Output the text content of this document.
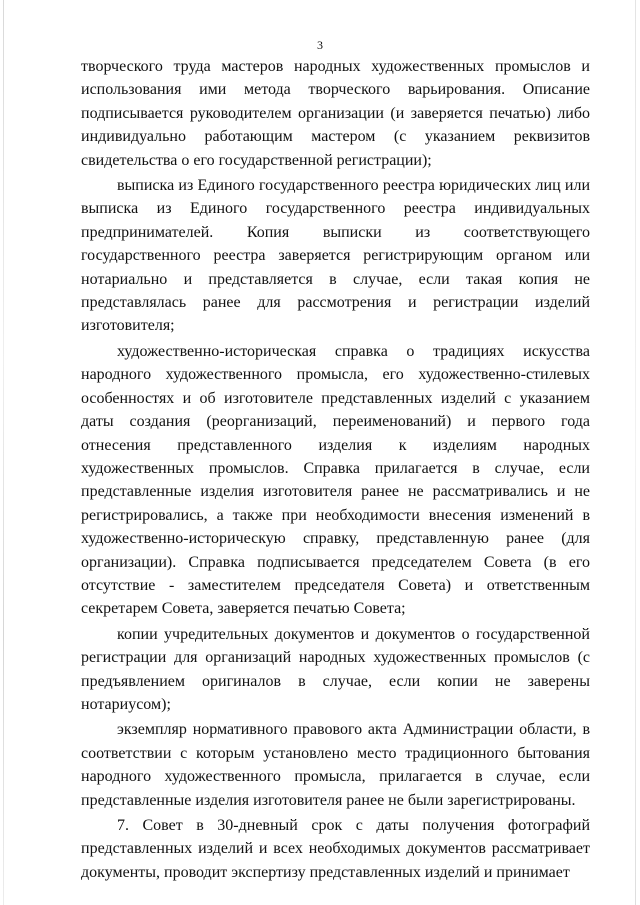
3

творческого труда мастеров народных художественных промыслов и использования ими метода творческого варьирования. Описание подписывается руководителем организации (и заверяется печатью) либо индивидуально работающим мастером (с указанием реквизитов свидетельства о его государственной регистрации);

выписка из Единого государственного реестра юридических лиц или выписка из Единого государственного реестра индивидуальных предпринимателей. Копия выписки из соответствующего государственного реестра заверяется регистрирующим органом или нотариально и представляется в случае, если такая копия не представлялась ранее для рассмотрения и регистрации изделий изготовителя;

художественно-историческая справка о традициях искусства народного художественного промысла, его художественно-стилевых особенностях и об изготовителе представленных изделий с указанием даты создания (реорганизаций, переименований) и первого года отнесения представленного изделия к изделиям народных художественных промыслов. Справка прилагается в случае, если представленные изделия изготовителя ранее не рассматривались и не регистрировались, а также при необходимости внесения изменений в художественно-историческую справку, представленную ранее (для организации). Справка подписывается председателем Совета (в его отсутствие - заместителем председателя Совета) и ответственным секретарем Совета, заверяется печатью Совета;

копии учредительных документов и документов о государственной регистрации для организаций народных художественных промыслов (с предъявлением оригиналов в случае, если копии не заверены нотариусом);

экземпляр нормативного правового акта Администрации области, в соответствии с которым установлено место традиционного бытования народного художественного промысла, прилагается в случае, если представленные изделия изготовителя ранее не были зарегистрированы.

7. Совет в 30-дневный срок с даты получения фотографий представленных изделий и всех необходимых документов рассматривает документы, проводит экспертизу представленных изделий и принимает
